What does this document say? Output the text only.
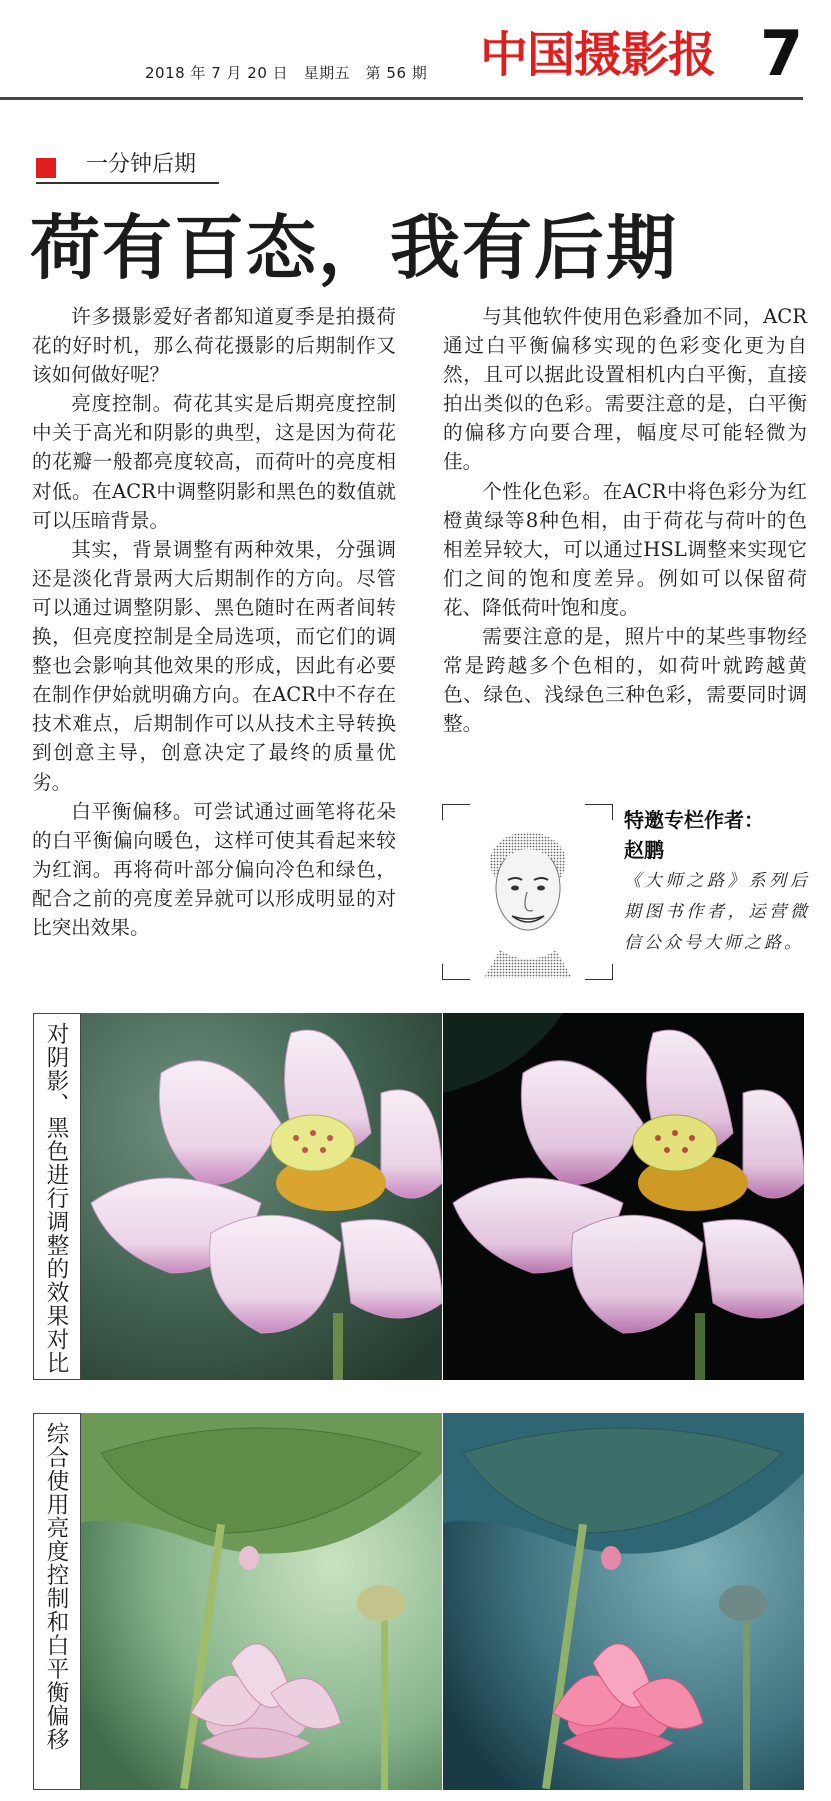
2018 年 7 月 20 日　星期五　第 56 期 中国摄影报 7
一分钟后期
荷有百态，我有后期

许多摄影爱好者都知道夏季是拍摄荷花的好时机，那么荷花摄影的后期制作又该如何做好呢？

亮度控制。荷花其实是后期亮度控制中关于高光和阴影的典型，这是因为荷花的花瓣一般都亮度较高，而荷叶的亮度相对低。在ACR中调整阴影和黑色的数值就可以压暗背景。

其实，背景调整有两种效果，分强调还是淡化背景两大后期制作的方向。尽管可以通过调整阴影、黑色随时在两者间转换，但亮度控制是全局选项，而它们的调整也会影响其他效果的形成，因此有必要在制作伊始就明确方向。在ACR中不存在技术难点，后期制作可以从技术主导转换到创意主导，创意决定了最终的质量优劣。

白平衡偏移。可尝试通过画笔将花朵的白平衡偏向暖色，这样可使其看起来较为红润。再将荷叶部分偏向冷色和绿色，配合之前的亮度差异就可以形成明显的对比突出效果。

与其他软件使用色彩叠加不同，ACR通过白平衡偏移实现的色彩变化更为自然，且可以据此设置相机内白平衡，直接拍出类似的色彩。需要注意的是，白平衡的偏移方向要合理，幅度尽可能轻微为佳。

个性化色彩。在ACR中将色彩分为红橙黄绿等8种色相，由于荷花与荷叶的色相差异较大，可以通过HSL调整来实现它们之间的饱和度差异。例如可以保留荷花、降低荷叶饱和度。

需要注意的是，照片中的某些事物经常是跨越多个色相的，如荷叶就跨越黄色、绿色、浅绿色三种色彩，需要同时调整。

特邀专栏作者：
赵鹏
《大师之路》系列后期图书作者，运营微信公众号大师之路。
对阴影、黑色进行调整的效果对比
综合使用亮度控制和白平衡偏移
